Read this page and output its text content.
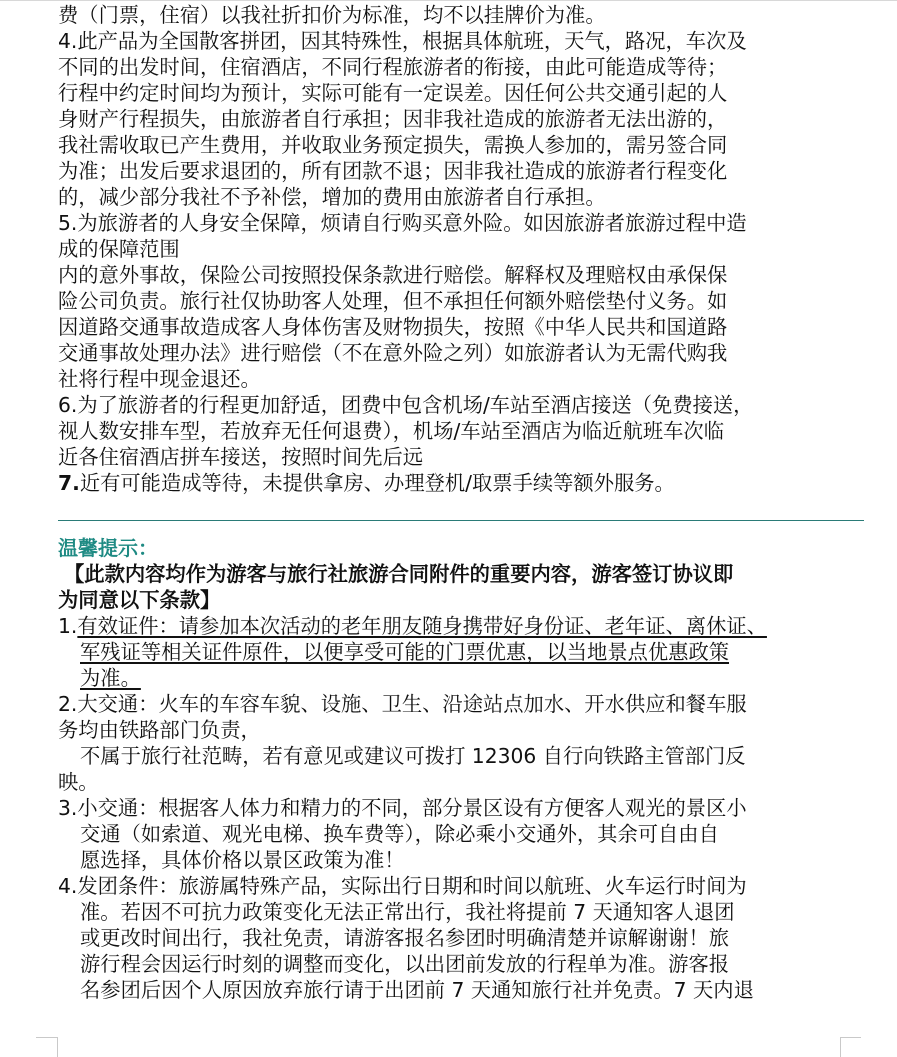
费（门票，住宿）以我社折扣价为标准，均不以挂牌价为准。
4.此产品为全国散客拼团，因其特殊性，根据具体航班，天气，路况，车次及
不同的出发时间，住宿酒店，不同行程旅游者的衔接，由此可能造成等待；
行程中约定时间均为预计，实际可能有一定误差。因任何公共交通引起的人
身财产行程损失，由旅游者自行承担；因非我社造成的旅游者无法出游的，
我社需收取已产生费用，并收取业务预定损失，需换人参加的，需另签合同
为准；出发后要求退团的，所有团款不退；因非我社造成的旅游者行程变化
的，减少部分我社不予补偿，增加的费用由旅游者自行承担。
5.为旅游者的人身安全保障，烦请自行购买意外险。如因旅游者旅游过程中造
成的保障范围
内的意外事故，保险公司按照投保条款进行赔偿。解释权及理赔权由承保保
险公司负责。旅行社仅协助客人处理，但不承担任何额外赔偿垫付义务。如
因道路交通事故造成客人身体伤害及财物损失，按照《中华人民共和国道路
交通事故处理办法》进行赔偿（不在意外险之列）如旅游者认为无需代购我
社将行程中现金退还。
6.为了旅游者的行程更加舒适，团费中包含机场/车站至酒店接送（免费接送，
视人数安排车型，若放弃无任何退费），机场/车站至酒店为临近航班车次临
近各住宿酒店拼车接送，按照时间先后远
7.近有可能造成等待，未提供拿房、办理登机/取票手续等额外服务。
温馨提示：
【此款内容均作为游客与旅行社旅游合同附件的重要内容，游客签订协议即
为同意以下条款】
1.有效证件：请参加本次活动的老年朋友随身携带好身份证、老年证、离休证、
军残证等相关证件原件，以便享受可能的门票优惠，以当地景点优惠政策
为准。
2.大交通：火车的车容车貌、设施、卫生、沿途站点加水、开水供应和餐车服
务均由铁路部门负责，
不属于旅行社范畴，若有意见或建议可拨打 12306 自行向铁路主管部门反
映。
3.小交通：根据客人体力和精力的不同，部分景区设有方便客人观光的景区小
交通（如索道、观光电梯、换车费等），除必乘小交通外，其余可自由自
愿选择，具体价格以景区政策为准！
4.发团条件：旅游属特殊产品，实际出行日期和时间以航班、火车运行时间为
准。若因不可抗力政策变化无法正常出行，我社将提前 7 天通知客人退团
或更改时间出行，我社免责，请游客报名参团时明确清楚并谅解谢谢！旅
游行程会因运行时刻的调整而变化，以出团前发放的行程单为准。游客报
名参团后因个人原因放弃旅行请于出团前 7 天通知旅行社并免责。7 天内退
